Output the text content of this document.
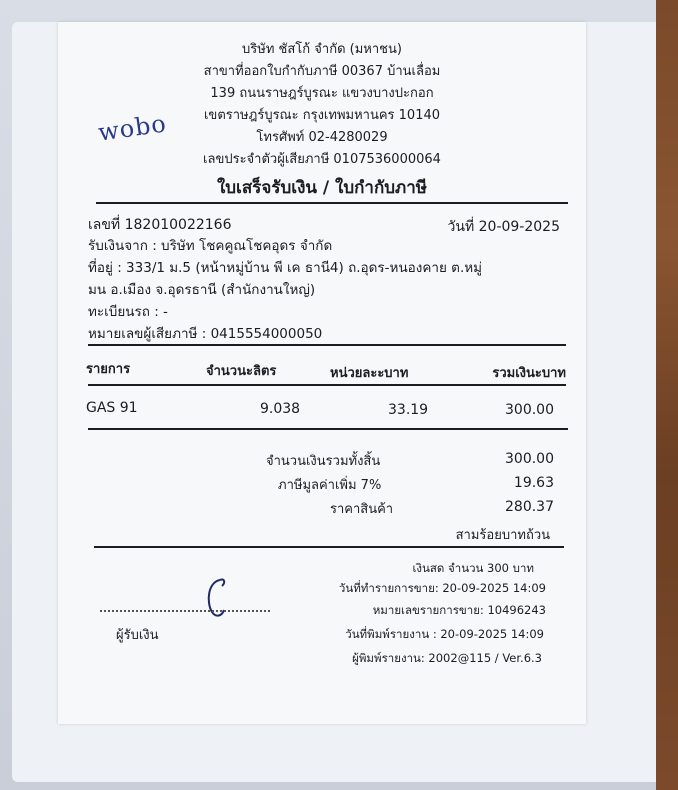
wobo
บริษัท ชัสโก้ จำกัด (มหาชน)
สาขาที่ออกใบกำกับภาษี 00367 บ้านเลื่อม
139 ถนนราษฎร์บูรณะ แขวงบางปะกอก
เขตราษฎร์บูรณะ กรุงเทพมหานคร 10140
โทรศัพท์ 02-4280029
เลขประจำตัวผู้เสียภาษี 0107536000064
ใบเสร็จรับเงิน / ใบกำกับภาษี
เลขที่ 182010022166	วันที่ 20-09-2025
รับเงินจาก : บริษัท โชคคูณโชคอุดร จำกัด
ที่อยู่ : 333/1 ม.5 (หน้าหมู่บ้าน พี เค ธานี4) ถ.อุดร-หนองคาย ต.หมู่
มน อ.เมือง จ.อุดรธานี (สำนักงานใหญ่)
ทะเบียนรถ : -
หมายเลขผู้เสียภาษี : 0415554000050
รายการ	จำนวนะลิตร	หน่วยละะบาท	รวมเงินะบาท
GAS 91	9.038	33.19	300.00
จำนวนเงินรวมทั้งสิ้น	300.00
ภาษีมูลค่าเพิ่ม 7%	19.63
ราคาสินค้า	280.37
สามร้อยบาทถ้วน
เงินสด จำนวน 300 บาท
วันที่ทำรายการขาย: 20-09-2025 14:09
หมายเลขรายการขาย: 10496243
วันที่พิมพ์รายงาน : 20-09-2025 14:09
ผู้พิมพ์รายงาน: 2002@115 / Ver.6.3
ผู้รับเงิน
